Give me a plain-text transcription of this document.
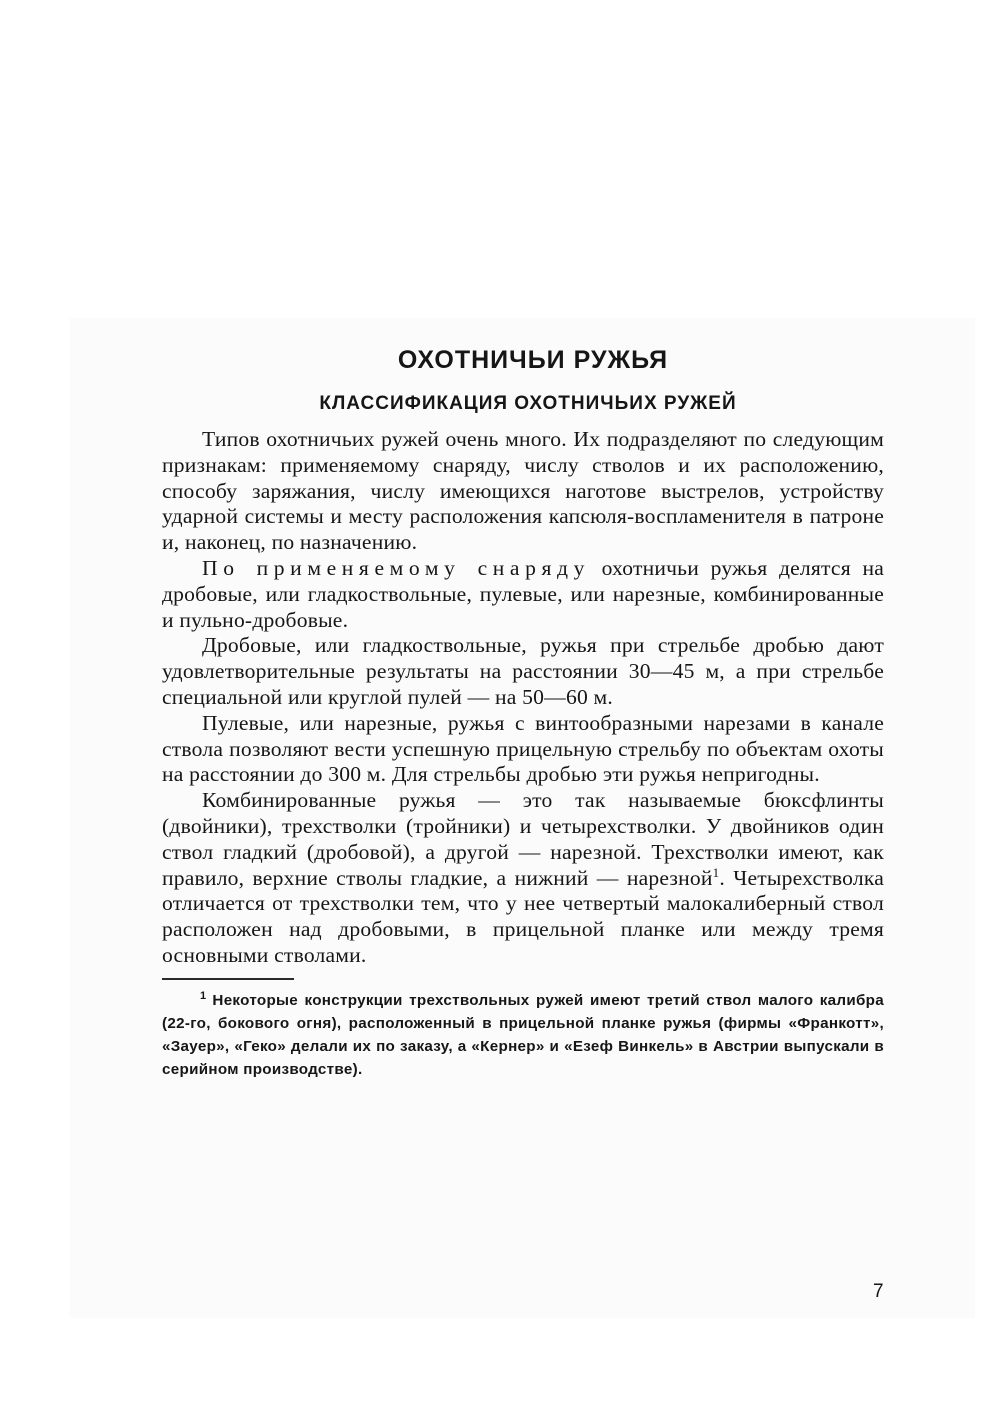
ОХОТНИЧЬИ РУЖЬЯ
КЛАССИФИКАЦИЯ ОХОТНИЧЬИХ РУЖЕЙ

Типов охотничьих ружей очень много. Их подразделяют по следующим признакам: применяемому снаряду, числу стволов и их расположению, способу заряжания, числу имеющихся наготове выстрелов, устройству ударной системы и месту расположения капсюля-воспламенителя в патроне и, наконец, по назначению.

По применяемому снаряду охотничьи ружья делятся на дробовые, или гладкоствольные, пулевые, или нарезные, комбинированные и пульно-дробовые.

Дробовые, или гладкоствольные, ружья при стрельбе дробью дают удовлетворительные результаты на расстоянии 30—45 м, а при стрельбе специальной или круглой пулей — на 50—60 м.

Пулевые, или нарезные, ружья с винтообразными нарезами в канале ствола позволяют вести успешную прицельную стрельбу по объектам охоты на расстоянии до 300 м. Для стрельбы дробью эти ружья непригодны.

Комбинированные ружья — это так называемые бюксфлинты (двойники), трехстволки (тройники) и четырехстволки. У двойников один ствол гладкий (дробовой), а другой — нарезной. Трехстволки имеют, как правило, верхние стволы гладкие, а нижний — нарезной$^1$. Четырехстволка отличается от трехстволки тем, что у нее четвертый малокалиберный ствол расположен над дробовыми, в прицельной планке или между тремя основными стволами.

$^1$ Некоторые конструкции трехствольных ружей имеют третий ствол малого калибра (22-го, бокового огня), расположенный в прицельной планке ружья (фирмы «Франкотт», «Зауер», «Геко» делали их по заказу, а «Кернер» и «Езеф Винкель» в Австрии выпускали в серийном производстве).

7
